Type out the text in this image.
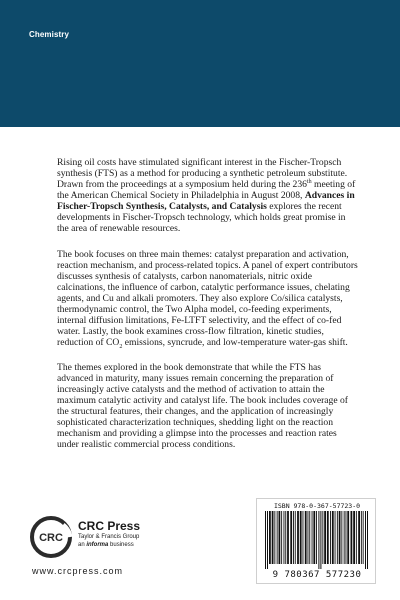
Chemistry

Rising oil costs have stimulated significant interest in the Fischer-Tropsch synthesis (FTS) as a method for producing a synthetic petroleum substitute. Drawn from the proceedings at a symposium held during the 236th meeting of the American Chemical Society in Philadelphia in August 2008, Advances in Fischer-Tropsch Synthesis, Catalysts, and Catalysis explores the recent developments in Fischer-Tropsch technology, which holds great promise in the area of renewable resources.

The book focuses on three main themes: catalyst preparation and activation, reaction mechanism, and process-related topics. A panel of expert contributors discusses synthesis of catalysts, carbon nanomaterials, nitric oxide calcinations, the influence of carbon, catalytic performance issues, chelating agents, and Cu and alkali promoters. They also explore Co/silica catalysts, thermodynamic control, the Two Alpha model, co-feeding experiments, internal diffusion limitations, Fe-LTFT selectivity, and the effect of co-fed water. Lastly, the book examines cross-flow filtration, kinetic studies, reduction of $CO_2$ emissions, syncrude, and low-temperature water-gas shift.

The themes explored in the book demonstrate that while the FTS has advanced in maturity, many issues remain concerning the preparation of increasingly active catalysts and the method of activation to attain the maximum catalytic activity and catalyst life. The book includes coverage of the structural features, their changes, and the application of increasingly sophisticated characterization techniques, shedding light on the reaction mechanism and providing a glimpse into the processes and reaction rates under realistic commercial process conditions.

CRC
CRC Press
Taylor & Francis Group
an informa business
www.crcpress.com
ISBN 978-0-367-57723-0
9 780367 577230
